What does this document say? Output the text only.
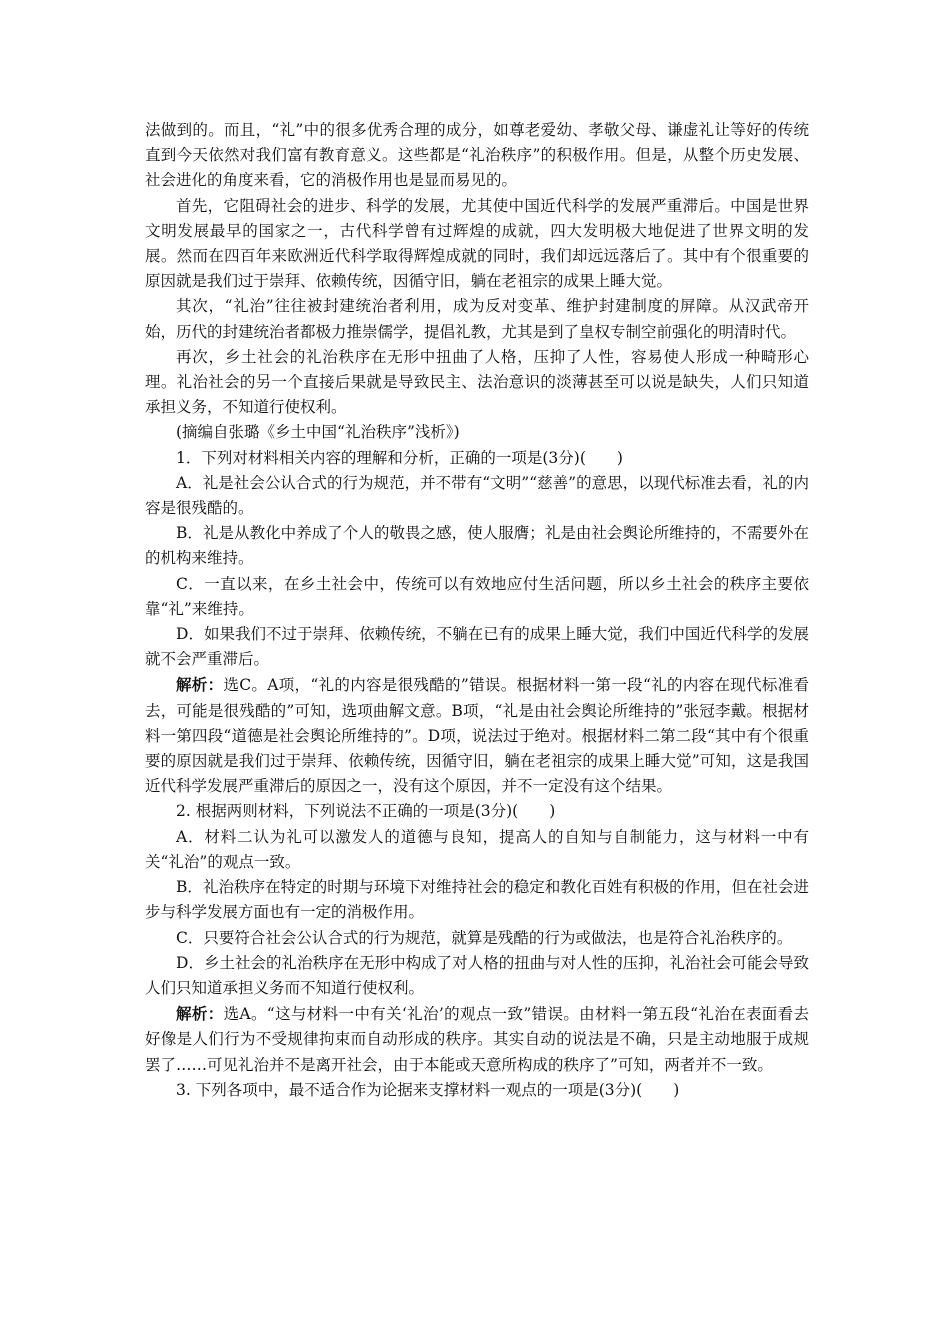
法做到的。而且，“礼”中的很多优秀合理的成分，如尊老爱幼、孝敬父母、谦虚礼让等好的传统直到今天依然对我们富有教育意义。这些都是“礼治秩序”的积极作用。但是，从整个历史发展、社会进化的角度来看，它的消极作用也是显而易见的。

首先，它阻碍社会的进步、科学的发展，尤其使中国近代科学的发展严重滞后。中国是世界文明发展最早的国家之一，古代科学曾有过辉煌的成就，四大发明极大地促进了世界文明的发展。然而在四百年来欧洲近代科学取得辉煌成就的同时，我们却远远落后了。其中有个很重要的原因就是我们过于崇拜、依赖传统，因循守旧，躺在老祖宗的成果上睡大觉。

其次，“礼治”往往被封建统治者利用，成为反对变革、维护封建制度的屏障。从汉武帝开始，历代的封建统治者都极力推崇儒学，提倡礼教，尤其是到了皇权专制空前强化的明清时代。

再次，乡土社会的礼治秩序在无形中扭曲了人格，压抑了人性，容易使人形成一种畸形心理。礼治社会的另一个直接后果就是导致民主、法治意识的淡薄甚至可以说是缺失，人们只知道承担义务，不知道行使权利。

(摘编自张璐《乡土中国“礼治秩序”浅析》)

1．下列对材料相关内容的理解和分析，正确的一项是(3分)(　　)

A．礼是社会公认合式的行为规范，并不带有“文明”“慈善”的意思，以现代标准去看，礼的内容是很残酷的。

B．礼是从教化中养成了个人的敬畏之感，使人服膺；礼是由社会舆论所维持的，不需要外在的机构来维持。

C．一直以来，在乡土社会中，传统可以有效地应付生活问题，所以乡土社会的秩序主要依靠“礼”来维持。

D．如果我们不过于崇拜、依赖传统，不躺在已有的成果上睡大觉，我们中国近代科学的发展就不会严重滞后。

解析：选C。A项，“礼的内容是很残酷的”错误。根据材料一第一段“礼的内容在现代标准看去，可能是很残酷的”可知，选项曲解文意。B项，“礼是由社会舆论所维持的”张冠李戴。根据材料一第四段“道德是社会舆论所维持的”。D项，说法过于绝对。根据材料二第二段“其中有个很重要的原因就是我们过于崇拜、依赖传统，因循守旧，躺在老祖宗的成果上睡大觉”可知，这是我国近代科学发展严重滞后的原因之一，没有这个原因，并不一定没有这个结果。

2. 根据两则材料，下列说法不正确的一项是(3分)(　　)

A．材料二认为礼可以激发人的道德与良知，提高人的自知与自制能力，这与材料一中有关“礼治”的观点一致。

B．礼治秩序在特定的时期与环境下对维持社会的稳定和教化百姓有积极的作用，但在社会进步与科学发展方面也有一定的消极作用。

C．只要符合社会公认合式的行为规范，就算是残酷的行为或做法，也是符合礼治秩序的。

D．乡土社会的礼治秩序在无形中构成了对人格的扭曲与对人性的压抑，礼治社会可能会导致人们只知道承担义务而不知道行使权利。

解析：选A。“这与材料一中有关‘礼治’的观点一致”错误。由材料一第五段“礼治在表面看去好像是人们行为不受规律拘束而自动形成的秩序。其实自动的说法是不确，只是主动地服于成规罢了……可见礼治并不是离开社会，由于本能或天意所构成的秩序了”可知，两者并不一致。

3. 下列各项中，最不适合作为论据来支撑材料一观点的一项是(3分)(　　)
